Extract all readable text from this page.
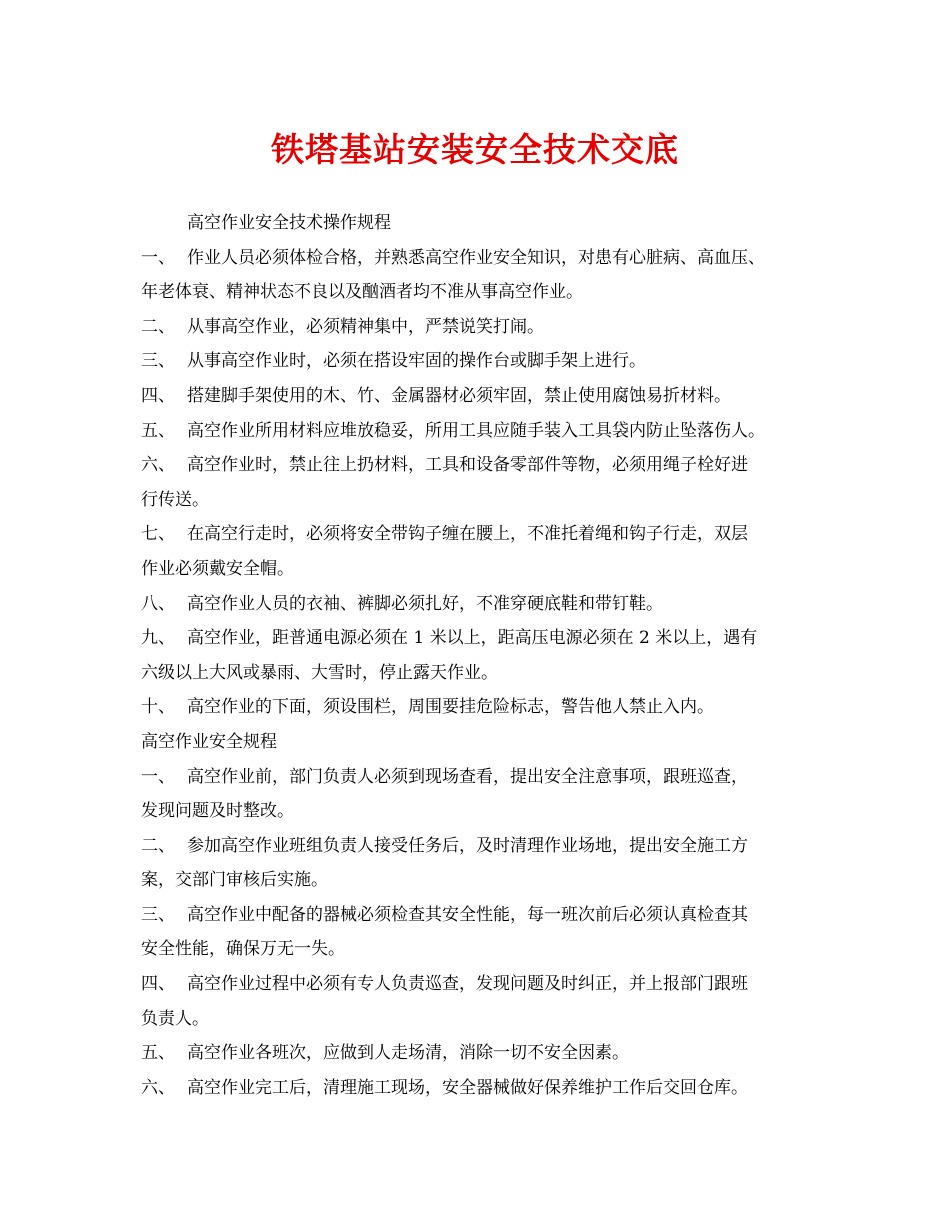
铁塔基站安装安全技术交底
高空作业安全技术操作规程
一、 作业人员必须体检合格，并熟悉高空作业安全知识，对患有心脏病、高血压、
年老体衰、精神状态不良以及酗酒者均不准从事高空作业。
二、 从事高空作业，必须精神集中，严禁说笑打闹。
三、 从事高空作业时，必须在搭设牢固的操作台或脚手架上进行。
四、 搭建脚手架使用的木、竹、金属器材必须牢固，禁止使用腐蚀易折材料。
五、 高空作业所用材料应堆放稳妥，所用工具应随手装入工具袋内防止坠落伤人。
六、 高空作业时，禁止往上扔材料，工具和设备零部件等物，必须用绳子栓好进
行传送。
七、 在高空行走时，必须将安全带钩子缠在腰上，不准托着绳和钩子行走，双层
作业必须戴安全帽。
八、 高空作业人员的衣袖、裤脚必须扎好，不准穿硬底鞋和带钉鞋。
九、 高空作业，距普通电源必须在 1 米以上，距高压电源必须在 2 米以上，遇有
六级以上大风或暴雨、大雪时，停止露天作业。
十、 高空作业的下面，须设围栏，周围要挂危险标志，警告他人禁止入内。
高空作业安全规程
一、 高空作业前，部门负责人必须到现场查看，提出安全注意事项，跟班巡查，
发现问题及时整改。
二、 参加高空作业班组负责人接受任务后，及时清理作业场地，提出安全施工方
案，交部门审核后实施。
三、 高空作业中配备的器械必须检查其安全性能，每一班次前后必须认真检查其
安全性能，确保万无一失。
四、 高空作业过程中必须有专人负责巡查，发现问题及时纠正，并上报部门跟班
负责人。
五、 高空作业各班次，应做到人走场清，消除一切不安全因素。
六、 高空作业完工后，清理施工现场，安全器械做好保养维护工作后交回仓库。
